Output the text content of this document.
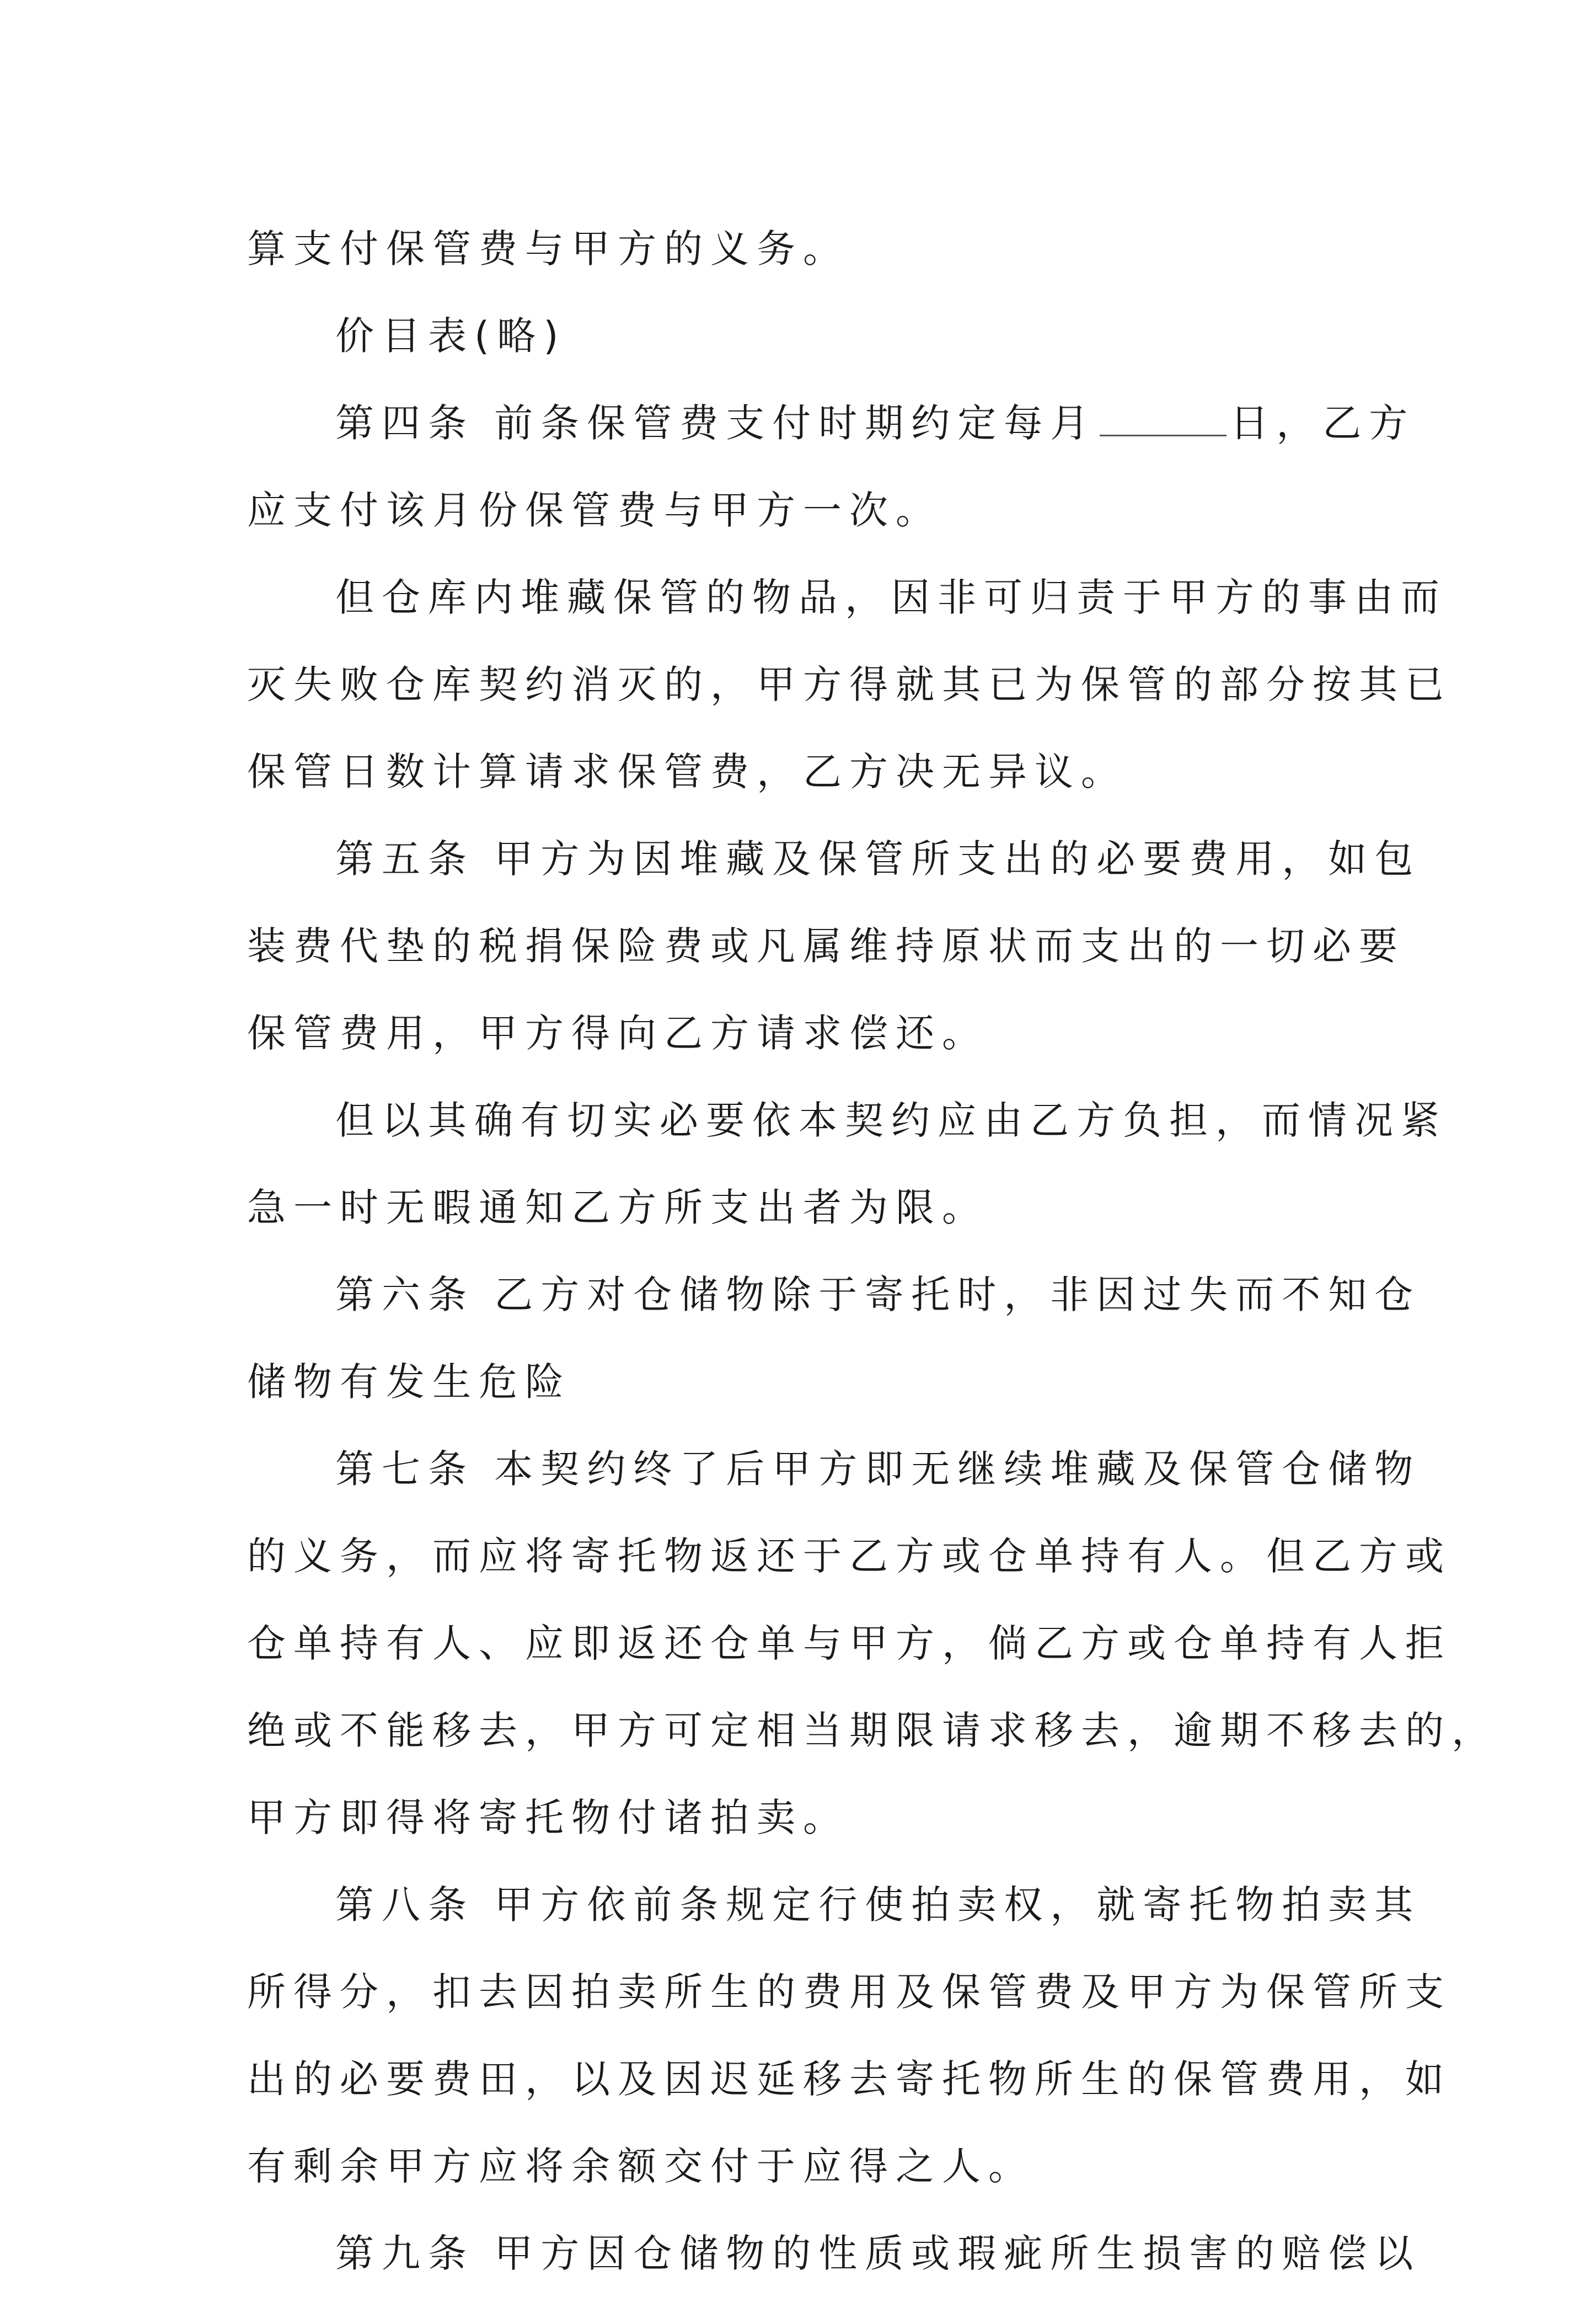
算支付保管费与甲方的义务。
价目表(略)
第四条 前条保管费支付时期约定每月	日，乙方
应支付该月份保管费与甲方一次。
但仓库内堆藏保管的物品，因非可归责于甲方的事由而
灭失败仓库契约消灭的，甲方得就其已为保管的部分按其已
保管日数计算请求保管费，乙方决无异议。
第五条 甲方为因堆藏及保管所支出的必要费用，如包
装费代垫的税捐保险费或凡属维持原状而支出的一切必要
保管费用，甲方得向乙方请求偿还。
但以其确有切实必要依本契约应由乙方负担，而情况紧
急一时无暇通知乙方所支出者为限。
第六条 乙方对仓储物除于寄托时，非因过失而不知仓
储物有发生危险
第七条 本契约终了后甲方即无继续堆藏及保管仓储物
的义务，而应将寄托物返还于乙方或仓单持有人。但乙方或
仓单持有人、应即返还仓单与甲方，倘乙方或仓单持有人拒
绝或不能移去，甲方可定相当期限请求移去，逾期不移去的，
甲方即得将寄托物付诸拍卖。
第八条 甲方依前条规定行使拍卖权，就寄托物拍卖其
所得分，扣去因拍卖所生的费用及保管费及甲方为保管所支
出的必要费田，以及因迟延移去寄托物所生的保管费用，如
有剩余甲方应将余额交付于应得之人。
第九条 甲方因仓储物的性质或瑕疵所生损害的赔偿以
